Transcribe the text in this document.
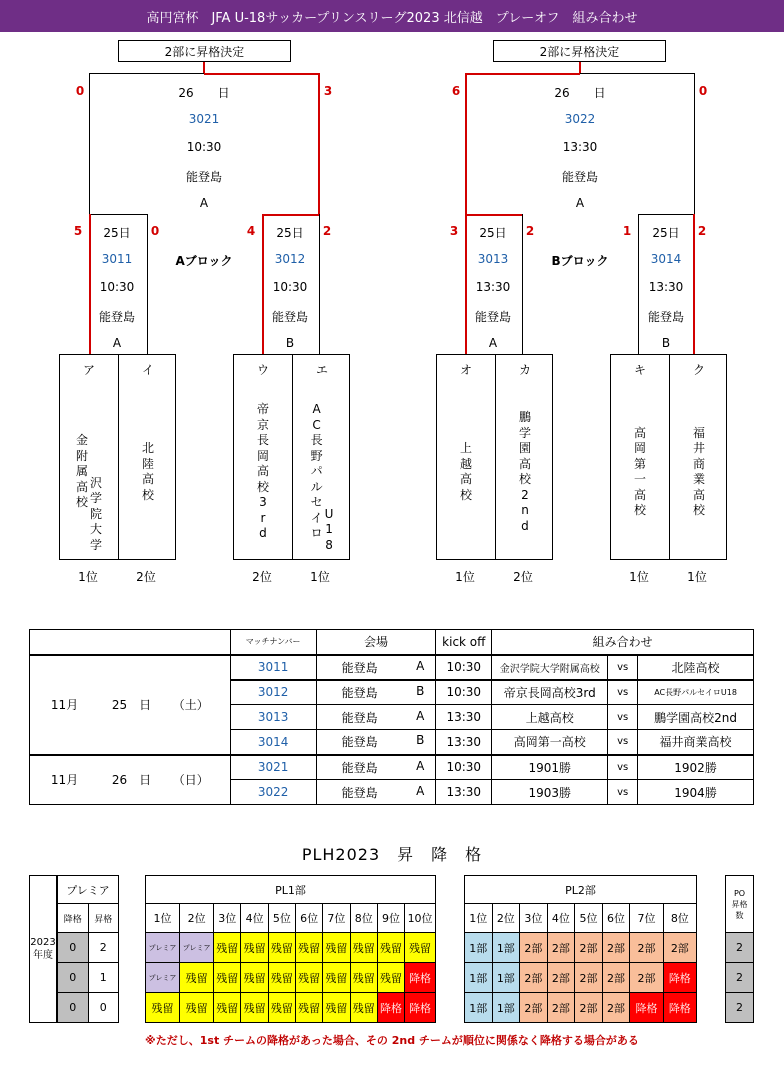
高円宮杯　JFA U-18サッカープリンスリーグ2023 北信越　プレーオフ　組み合わせ
2部に昇格決定
0	3
26　　日
3021
10:30
能登島
A
Aブロック
5	0
25日
3011
10:30
能登島
A
4	2
25日
3012
10:30
能登島
B
ア
金
附
属
高
校
沢
学
院
大
学
イ
北
陸
高
校
1位	2位
ウ
帝
京
長
岡
高
校
3
r
d
エ
A
C
長
野
パ
ル
セ
イ
ロ
U
1
8
2位	1位
2部に昇格決定
6	0
26　　日
3022
13:30
能登島
A
Bブロック
3	2
25日
3013
13:30
能登島
A
1	2
25日
3014
13:30
能登島
B
オ
上
越
高
校
カ
鵬
学
園
高
校
2
n
d
1位	2位
キ
高
岡
第
一
高
校
ク
福
井
商
業
高
校
1位	1位
	マッチナンバー	会場	kick off	組み合わせ		
11月 25　日 （土）	3011	能登島 A	10:30	金沢学院大学附属高校	vs	北陸高校
	3012	能登島 B	10:30	帝京長岡高校3rd	vs	AC長野パルセイロU18
	3013	能登島 A	13:30	上越高校	vs	鵬学園高校2nd
	3014	能登島 B	13:30	高岡第一高校	vs	福井商業高校
11月 26　日 （日）	3021	能登島 A	10:30	1901勝	vs	1902勝
	3022	能登島 A	13:30	1903勝	vs	1904勝
PLH2023　昇　降　格
2023
年度
プレミア	
降格	昇格
0	2
0	1
0	0
PL1部									
1位	2位	3位	4位	5位	6位	7位	8位	9位	10位
プレミア	プレミア	残留	残留	残留	残留	残留	残留	残留	残留
プレミア	残留	残留	残留	残留	残留	残留	残留	残留	降格
残留	残留	残留	残留	残留	残留	残留	残留	降格	降格
PL2部							
1位	2位	3位	4位	5位	6位	7位	8位
1部	1部	2部	2部	2部	2部	2部	2部
1部	1部	2部	2部	2部	2部	2部	降格
1部	1部	2部	2部	2部	2部	降格	降格
PO
昇格
数

2
2
2
※ただし、1st チームの降格があった場合、その 2nd チームが順位に関係なく降格する場合がある
